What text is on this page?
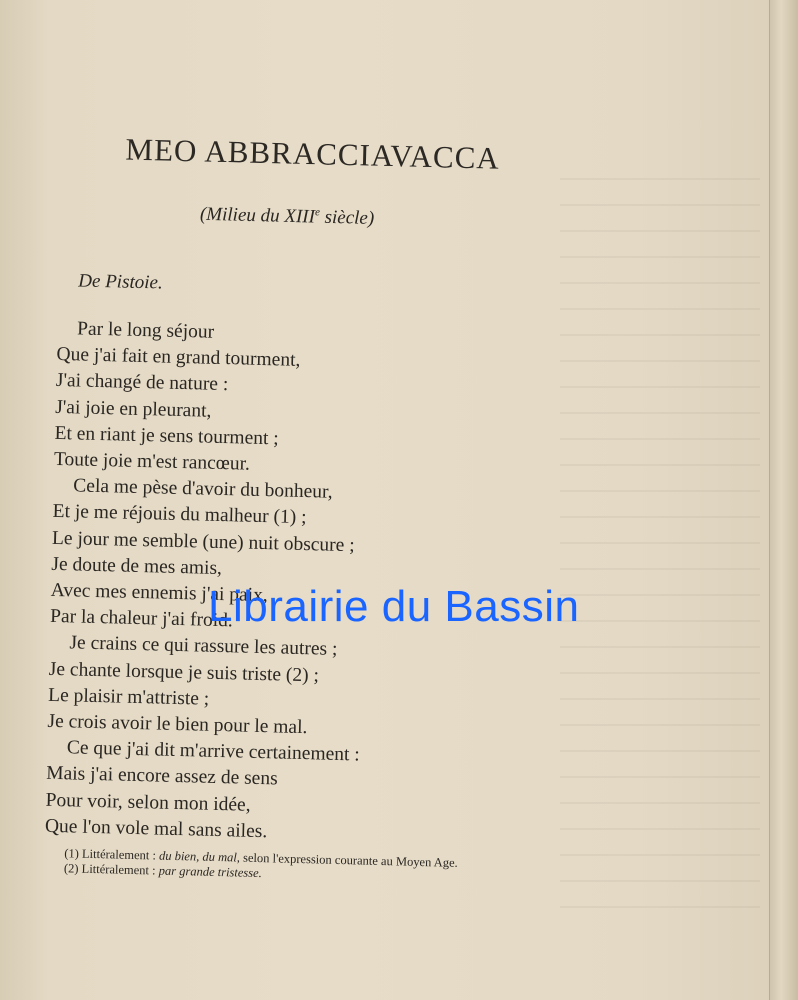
MEO ABBRACCIAVACCA
(Milieu du XIIIe siècle)
De Pistoie.
Par le long séjour
Que j'ai fait en grand tourment,
J'ai changé de nature :
J'ai joie en pleurant,
Et en riant je sens tourment ;
Toute joie m'est rancœur.
Cela me pèse d'avoir du bonheur,
Et je me réjouis du malheur (1) ;
Le jour me semble (une) nuit obscure ;
Je doute de mes amis,
Avec mes ennemis j'ai paix,
Par la chaleur j'ai froid.
Je crains ce qui rassure les autres ;
Je chante lorsque je suis triste (2) ;
Le plaisir m'attriste ;
Je crois avoir le bien pour le mal.
Ce que j'ai dit m'arrive certainement :
Mais j'ai encore assez de sens
Pour voir, selon mon idée,
Que l'on vole mal sans ailes.
(1) Littéralement : du bien, du mal, selon l'expression courante au Moyen Age.
(2) Littéralement : par grande tristesse.
Librairie du Bassin
